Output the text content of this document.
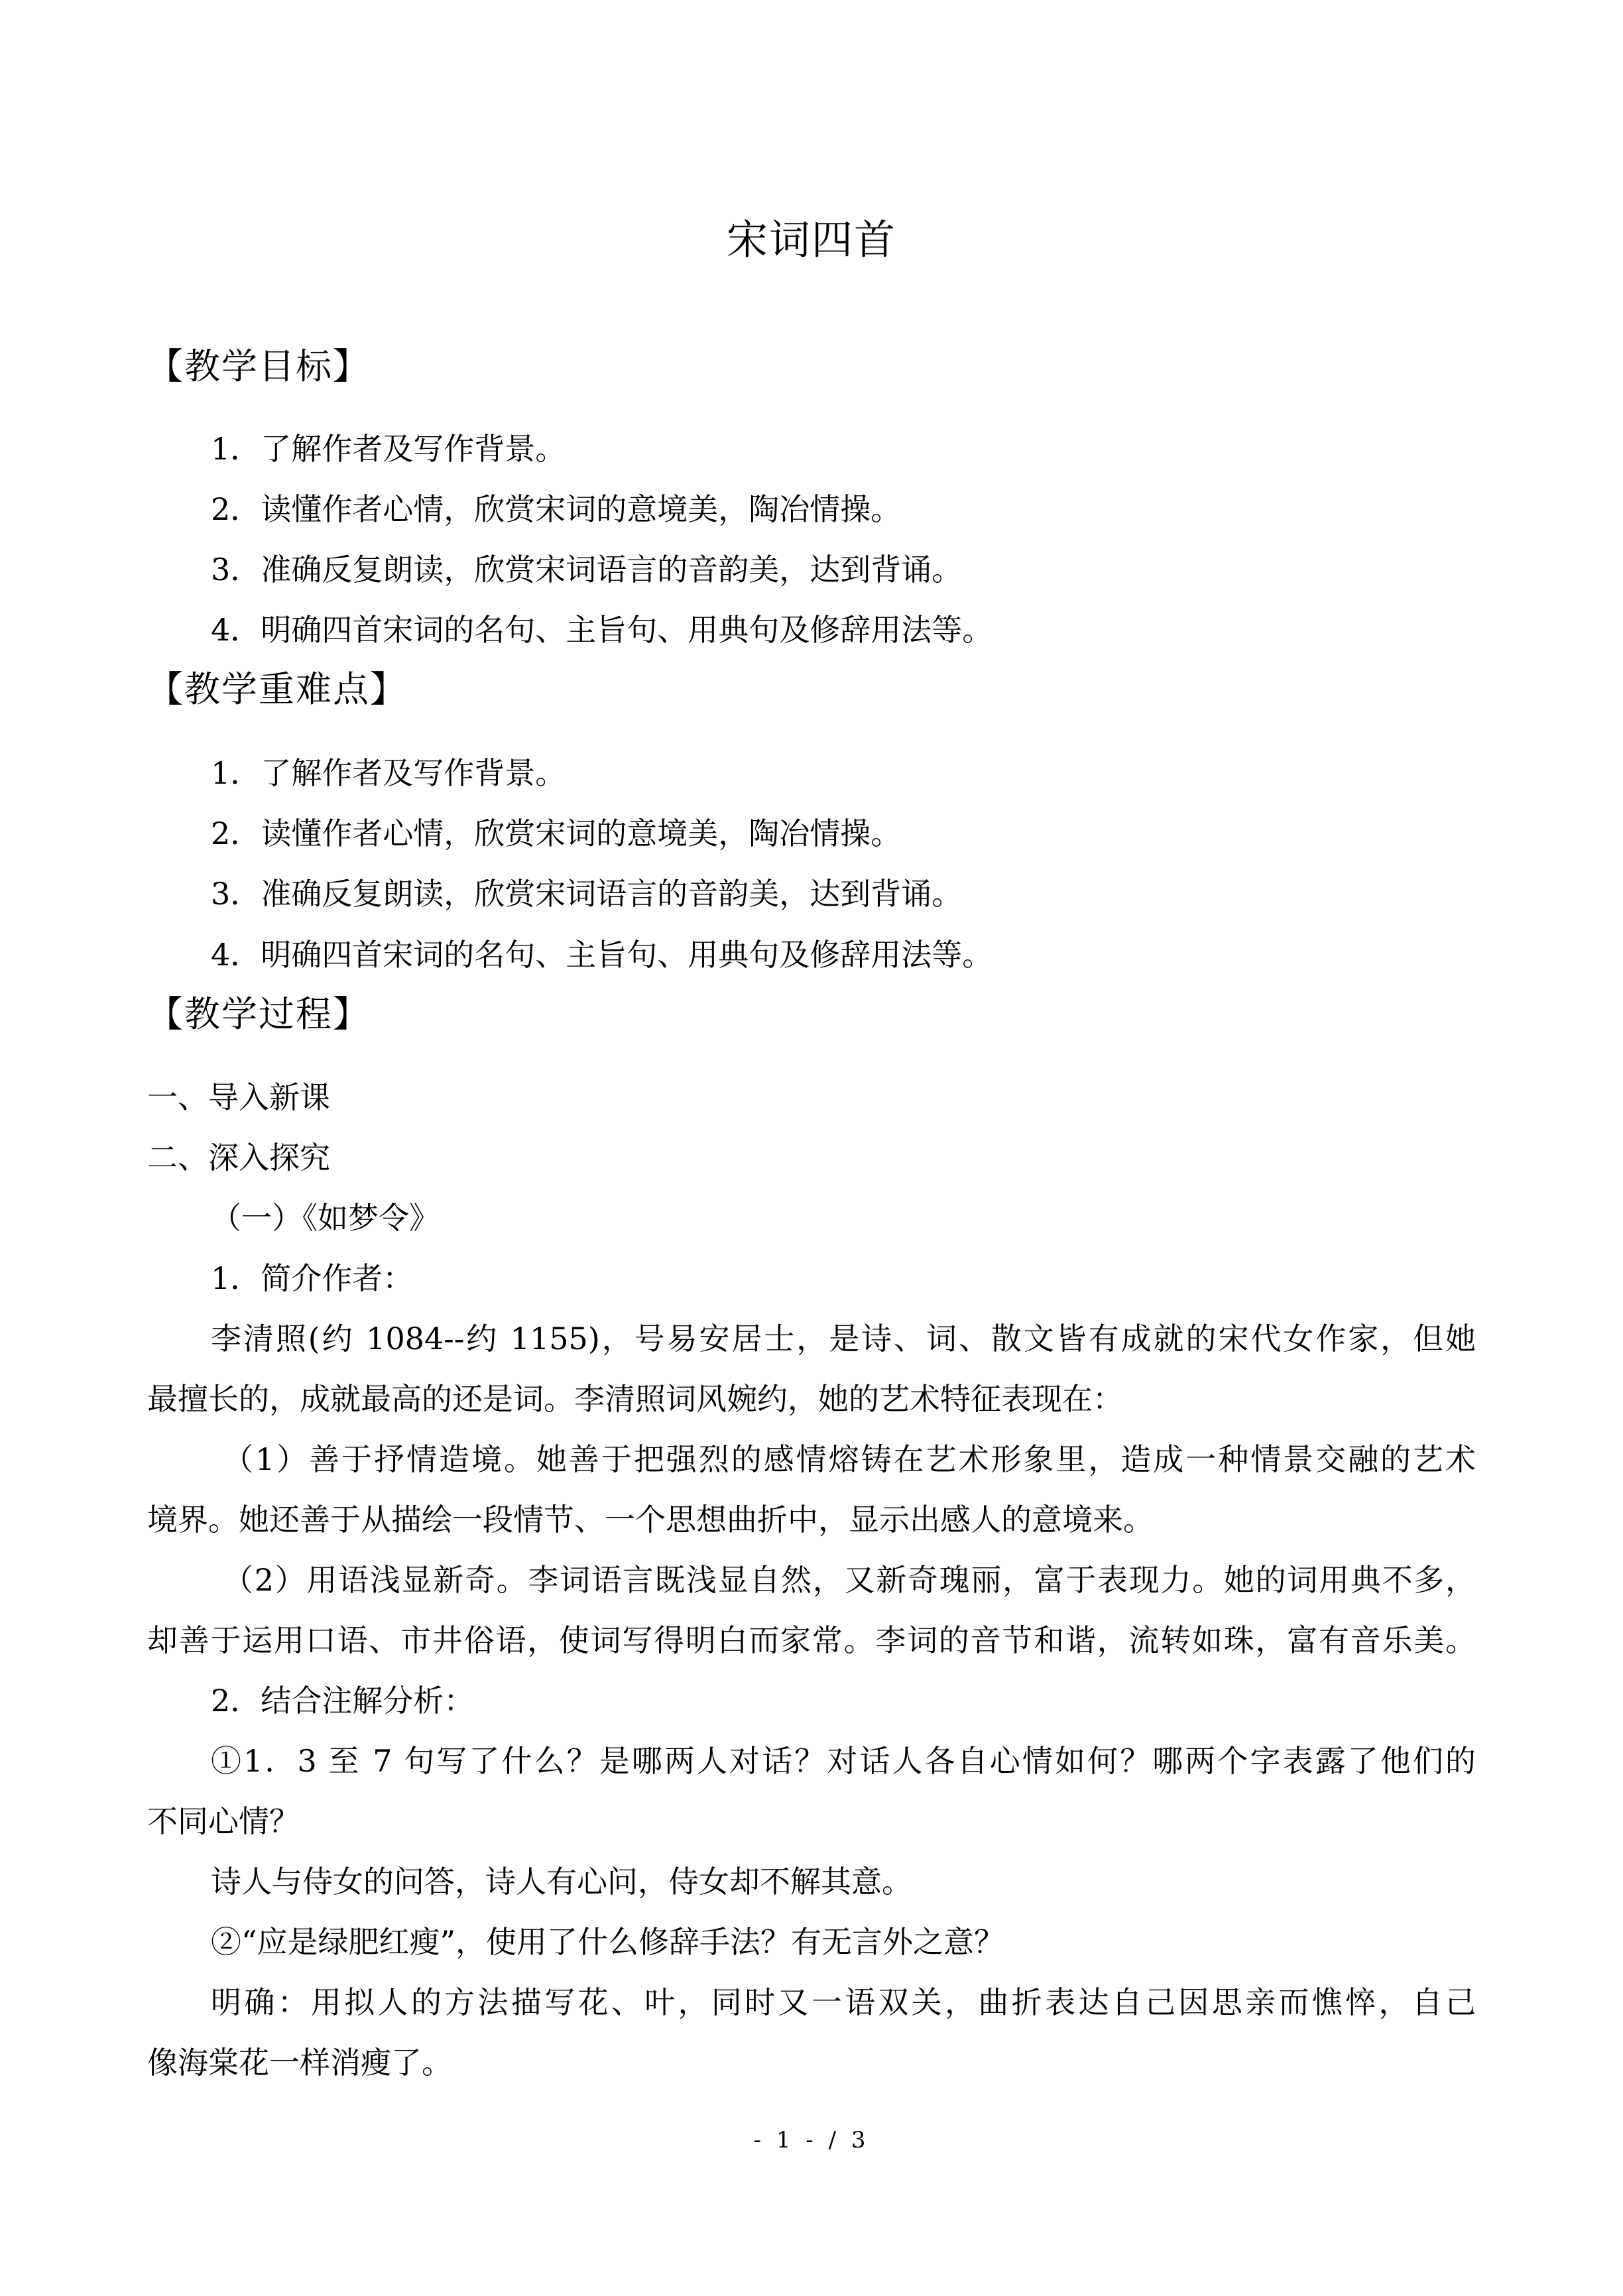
宋词四首
【教学目标】
1．了解作者及写作背景。
2．读懂作者心情，欣赏宋词的意境美，陶冶情操。
3．准确反复朗读，欣赏宋词语言的音韵美，达到背诵。
4．明确四首宋词的名句、主旨句、用典句及修辞用法等。
【教学重难点】
1．了解作者及写作背景。
2．读懂作者心情，欣赏宋词的意境美，陶冶情操。
3．准确反复朗读，欣赏宋词语言的音韵美，达到背诵。
4．明确四首宋词的名句、主旨句、用典句及修辞用法等。
【教学过程】
一、导入新课
二、深入探究
（一）《如梦令》
1．简介作者：
李清照(约 1084--约 1155)，号易安居士，是诗、词、散文皆有成就的宋代女作家，但她
最擅长的，成就最高的还是词。李清照词风婉约，她的艺术特征表现在：
（1）善于抒情造境。她善于把强烈的感情熔铸在艺术形象里，造成一种情景交融的艺术
境界。她还善于从描绘一段情节、一个思想曲折中，显示出感人的意境来。
（2）用语浅显新奇。李词语言既浅显自然，又新奇瑰丽，富于表现力。她的词用典不多，
却善于运用口语、市井俗语，使词写得明白而家常。李词的音节和谐，流转如珠，富有音乐美。
2．结合注解分析：
①1．3 至 7 句写了什么？是哪两人对话？对话人各自心情如何？哪两个字表露了他们的
不同心情？
诗人与侍女的问答，诗人有心问，侍女却不解其意。
②“应是绿肥红瘦”，使用了什么修辞手法？有无言外之意？
明确：用拟人的方法描写花、叶，同时又一语双关，曲折表达自己因思亲而憔悴，自己
像海棠花一样消瘦了。
- 1 - / 3
